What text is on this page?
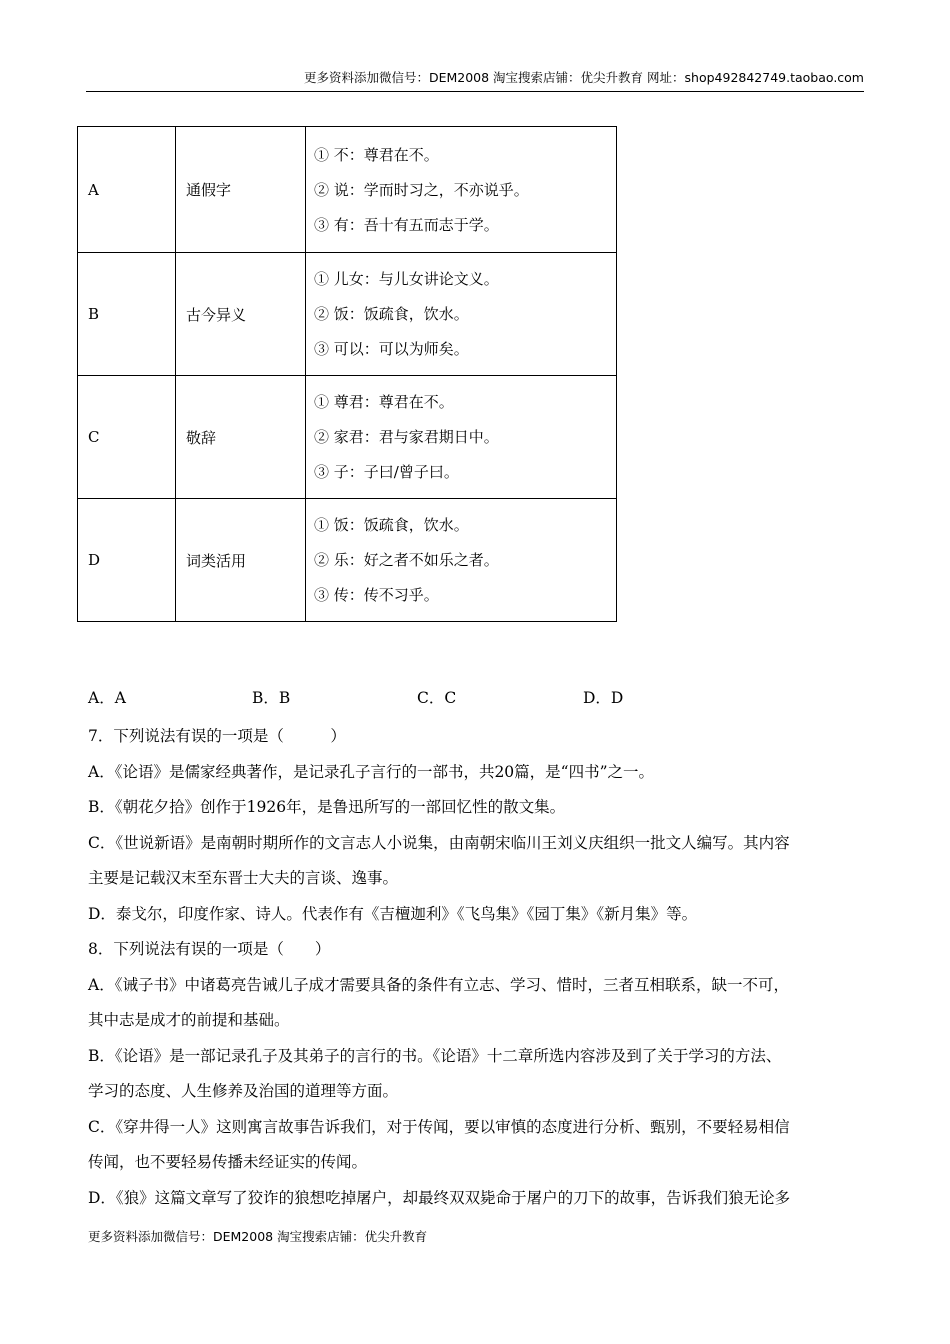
更多资料添加微信号：DEM2008 淘宝搜索店铺：优尖升教育 网址：shop492842749.taobao.com
A	通假字	① 不：尊君在不。
② 说：学而时习之，不亦说乎。
③ 有：吾十有五而志于学。

B	古今异义	① 儿女：与儿女讲论文义。
② 饭：饭疏食，饮水。
③ 可以：可以为师矣。

C	敬辞	① 尊君：尊君在不。
② 家君：君与家君期日中。
③ 子：子曰/曾子曰。

D	词类活用	① 饭：饭疏食，饮水。
② 乐：好之者不如乐之者。
③ 传：传不习乎。
A．A	B．B	C．C	D．D

7．下列说法有误的一项是（　　　）

A．《论语》是儒家经典著作，是记录孔子言行的一部书，共20篇，是“四书”之一。

B．《朝花夕拾》创作于1926年，是鲁迅所写的一部回忆性的散文集。

C．《世说新语》是南朝时期所作的文言志人小说集，由南朝宋临川王刘义庆组织一批文人编写。其内容

主要是记载汉末至东晋士大夫的言谈、逸事。

D．泰戈尔，印度作家、诗人。代表作有《吉檀迦利》《飞鸟集》《园丁集》《新月集》等。

8．下列说法有误的一项是（　　）

A．《诫子书》中诸葛亮告诫儿子成才需要具备的条件有立志、学习、惜时，三者互相联系，缺一不可，

其中志是成才的前提和基础。

B．《论语》是一部记录孔子及其弟子的言行的书。《论语》十二章所选内容涉及到了关于学习的方法、

学习的态度、人生修养及治国的道理等方面。

C．《穿井得一人》这则寓言故事告诉我们，对于传闻，要以审慎的态度进行分析、甄别，不要轻易相信

传闻，也不要轻易传播未经证实的传闻。

D．《狼》这篇文章写了狡诈的狼想吃掉屠户，却最终双双毙命于屠户的刀下的故事，告诉我们狼无论多

更多资料添加微信号：DEM2008 淘宝搜索店铺：优尖升教育
